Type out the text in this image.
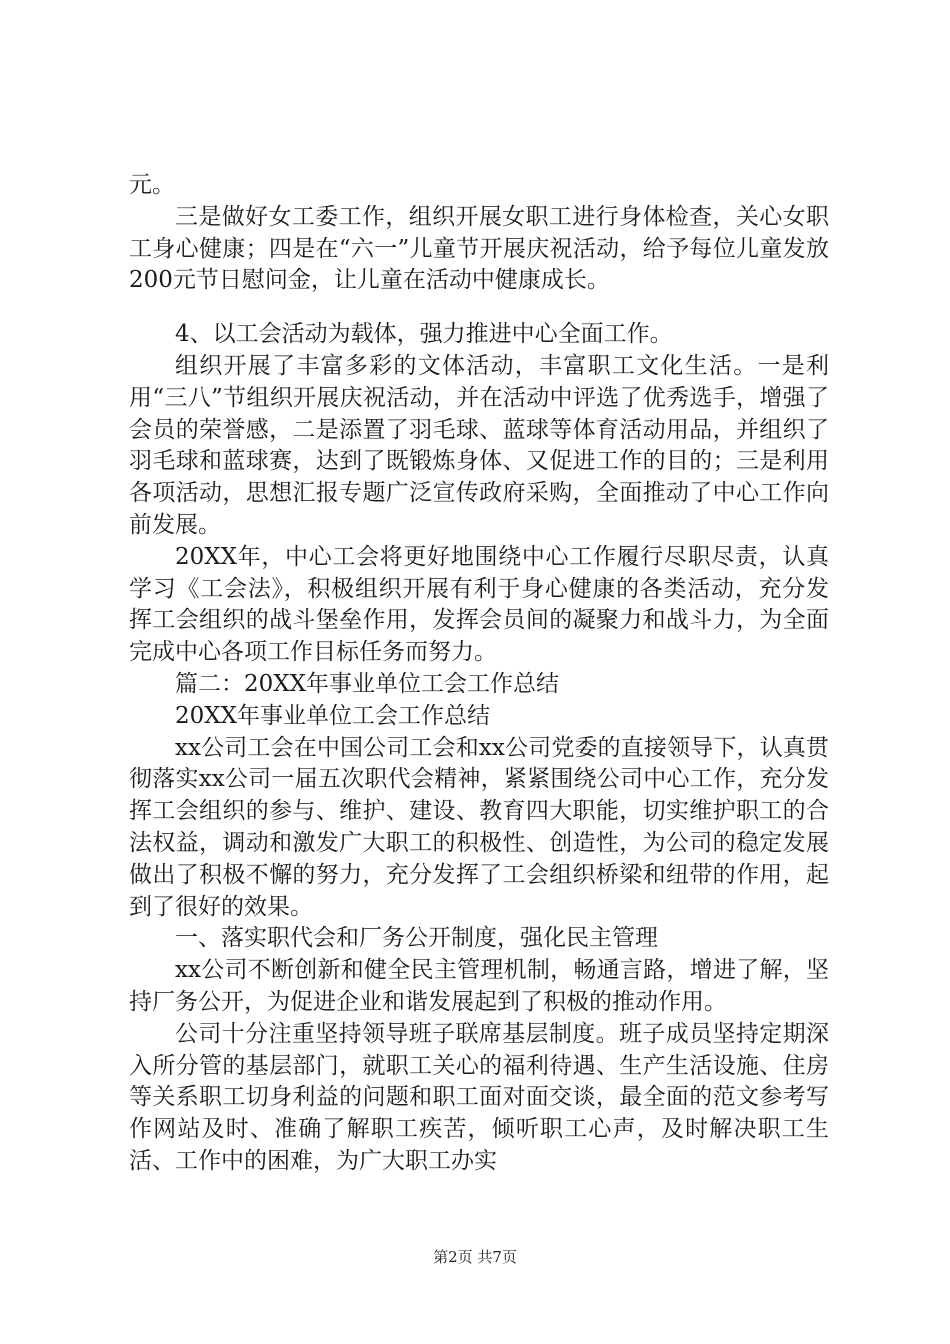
元。

三是做好女工委工作，组织开展女职工进行身体检查，关心女职工身心健康；四是在“六一”儿童节开展庆祝活动，给予每位儿童发放200元节日慰问金，让儿童在活动中健康成长。

4、以工会活动为载体，强力推进中心全面工作。

组织开展了丰富多彩的文体活动，丰富职工文化生活。一是利用“三八”节组织开展庆祝活动，并在活动中评选了优秀选手，增强了会员的荣誉感，二是添置了羽毛球、蓝球等体育活动用品，并组织了羽毛球和蓝球赛，达到了既锻炼身体、又促进工作的目的；三是利用各项活动，思想汇报专题广泛宣传政府采购，全面推动了中心工作向前发展。

20XX年，中心工会将更好地围绕中心工作履行尽职尽责，认真学习《工会法》，积极组织开展有利于身心健康的各类活动，充分发挥工会组织的战斗堡垒作用，发挥会员间的凝聚力和战斗力，为全面完成中心各项工作目标任务而努力。

篇二：20XX年事业单位工会工作总结

20XX年事业单位工会工作总结

xx公司工会在中国公司工会和xx公司党委的直接领导下，认真贯彻落实xx公司一届五次职代会精神，紧紧围绕公司中心工作，充分发挥工会组织的参与、维护、建设、教育四大职能，切实维护职工的合法权益，调动和激发广大职工的积极性、创造性，为公司的稳定发展做出了积极不懈的努力，充分发挥了工会组织桥梁和纽带的作用，起到了很好的效果。

一、落实职代会和厂务公开制度，强化民主管理

xx公司不断创新和健全民主管理机制，畅通言路，增进了解，坚持厂务公开，为促进企业和谐发展起到了积极的推动作用。

公司十分注重坚持领导班子联席基层制度。班子成员坚持定期深入所分管的基层部门，就职工关心的福利待遇、生产生活设施、住房等关系职工切身利益的问题和职工面对面交谈，最全面的范文参考写作网站及时、准确了解职工疾苦，倾听职工心声，及时解决职工生活、工作中的困难，为广大职工办实

第2页 共7页
